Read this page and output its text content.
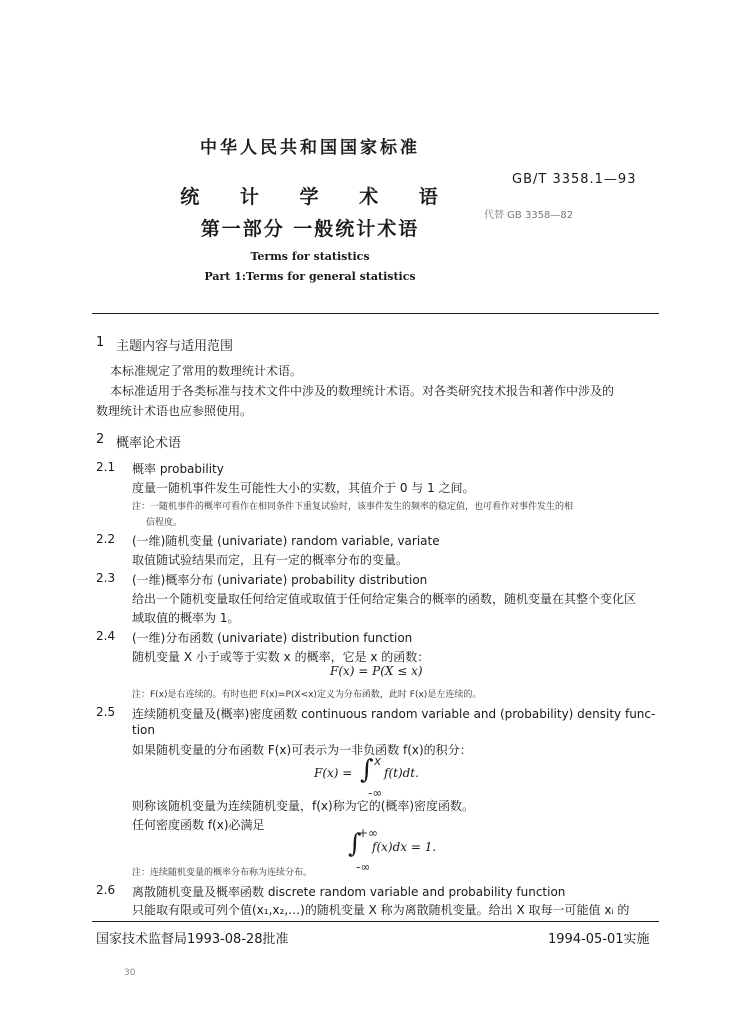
中华人民共和国国家标准
GB/T 3358.1—93
代替 GB 3358—82
统 计 学 术 语
第一部分 一般统计术语
Terms for statistics
Part 1:Terms for general statistics
1 主题内容与适用范围
本标准规定了常用的数理统计术语。
本标准适用于各类标准与技术文件中涉及的数理统计术语。对各类研究技术报告和著作中涉及的
数理统计术语也应参照使用。
2 概率论术语
2.1 概率 probability
度量一随机事件发生可能性大小的实数，其值介于 0 与 1 之间。
注：一随机事件的概率可看作在相同条件下重复试验时，该事件发生的频率的稳定值，也可看作对事件发生的相
信程度。
2.2 (一维)随机变量 (univariate) random variable, variate
取值随试验结果而定，且有一定的概率分布的变量。
2.3 (一维)概率分布 (univariate) probability distribution
给出一个随机变量取任何给定值或取值于任何给定集合的概率的函数，随机变量在其整个变化区
域取值的概率为 1。
2.4 (一维)分布函数 (univariate) distribution function
随机变量 X 小于或等于实数 x 的概率，它是 x 的函数：
F(x) = P(X ≤ x)
注：F(x)是右连续的。有时也把 F(x)=P(X<x)定义为分布函数，此时 F(x)是左连续的。
2.5 连续随机变量及(概率)密度函数 continuous random variable and (probability) density func-
tion
如果随机变量的分布函数 F(x)可表示为一非负函数 f(x)的积分：
F(x) = ∫ x
-∞
f(t)dt.
则称该随机变量为连续随机变量，f(x)称为它的(概率)密度函数。
任何密度函数 f(x)必满足
∫
+∞
-∞
f(x)dx = 1.
注：连续随机变量的概率分布称为连续分布。
2.6 离散随机变量及概率函数 discrete random variable and probability function
只能取有限或可列个值(x₁,x₂,…)的随机变量 X 称为离散随机变量。给出 X 取每一可能值 xᵢ 的
国家技术监督局1993-08-28批准	1994-05-01实施
30
